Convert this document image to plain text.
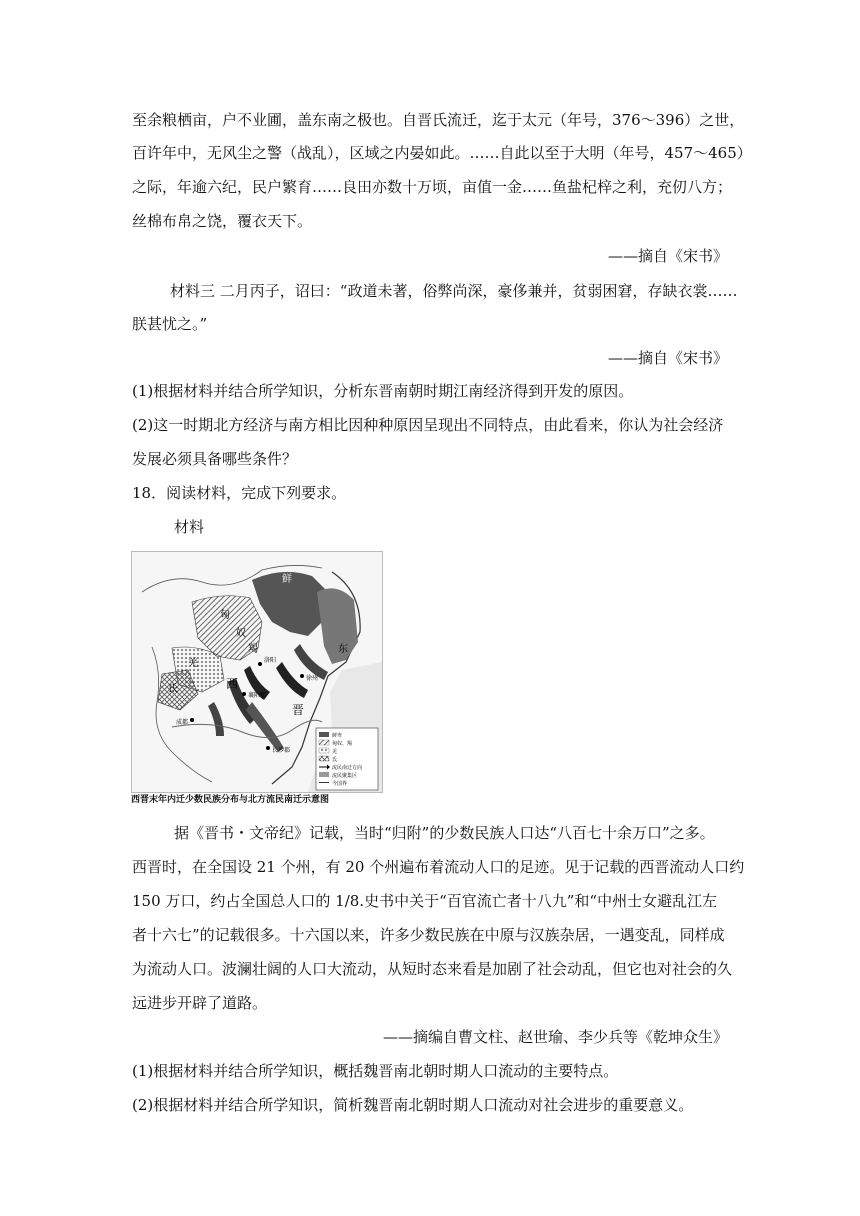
至余粮栖亩，户不业圃，盖东南之极也。自晋氏流迁，迄于太元（年号，376～396）之世，
百许年中，无风尘之警（战乱），区域之内晏如此。……自此以至于大明（年号，457～465）
之际，年逾六纪，民户繁育……良田亦数十万顷，亩值一金……鱼盐杞梓之利，充仞八方；
丝棉布帛之饶，覆衣天下。
——摘自《宋书》
材料三 二月丙子，诏曰：“政道未著，俗弊尚深，豪侈兼并，贫弱困窘，存缺衣裳……
朕甚忧之。”
——摘自《宋书》
(1)根据材料并结合所学知识，分析东晋南朝时期江南经济得到开发的原因。
(2)这一时期北方经济与南方相比因种种原因呈现出不同特点，由此看来，你认为社会经济
发展必须具备哪些条件？
18．阅读材料，完成下列要求。
材料
鲜
匈
奴
羯
羌
氐	西
晋
东
洛阳
襄阳郡
成都
长沙郡
徐州
鲜卑
匈奴、羯
羌
氐
流民南迁方向
流民聚集区
今国界
西晋末年内迁少数民族分布与北方流民南迁示意图
据《晋书・文帝纪》记载，当时“归附”的少数民族人口达“八百七十余万口”之多。
西晋时，在全国设 21 个州，有 20 个州遍布着流动人口的足迹。见于记载的西晋流动人口约
150 万口，约占全国总人口的 1/8.史书中关于“百官流亡者十八九”和“中州士女避乱江左
者十六七”的记载很多。十六国以来，许多少数民族在中原与汉族杂居，一遇变乱，同样成
为流动人口。波澜壮阔的人口大流动，从短时态来看是加剧了社会动乱，但它也对社会的久
远进步开辟了道路。
——摘编自曹文柱、赵世瑜、李少兵等《乾坤众生》
(1)根据材料并结合所学知识，概括魏晋南北朝时期人口流动的主要特点。
(2)根据材料并结合所学知识，简析魏晋南北朝时期人口流动对社会进步的重要意义。
